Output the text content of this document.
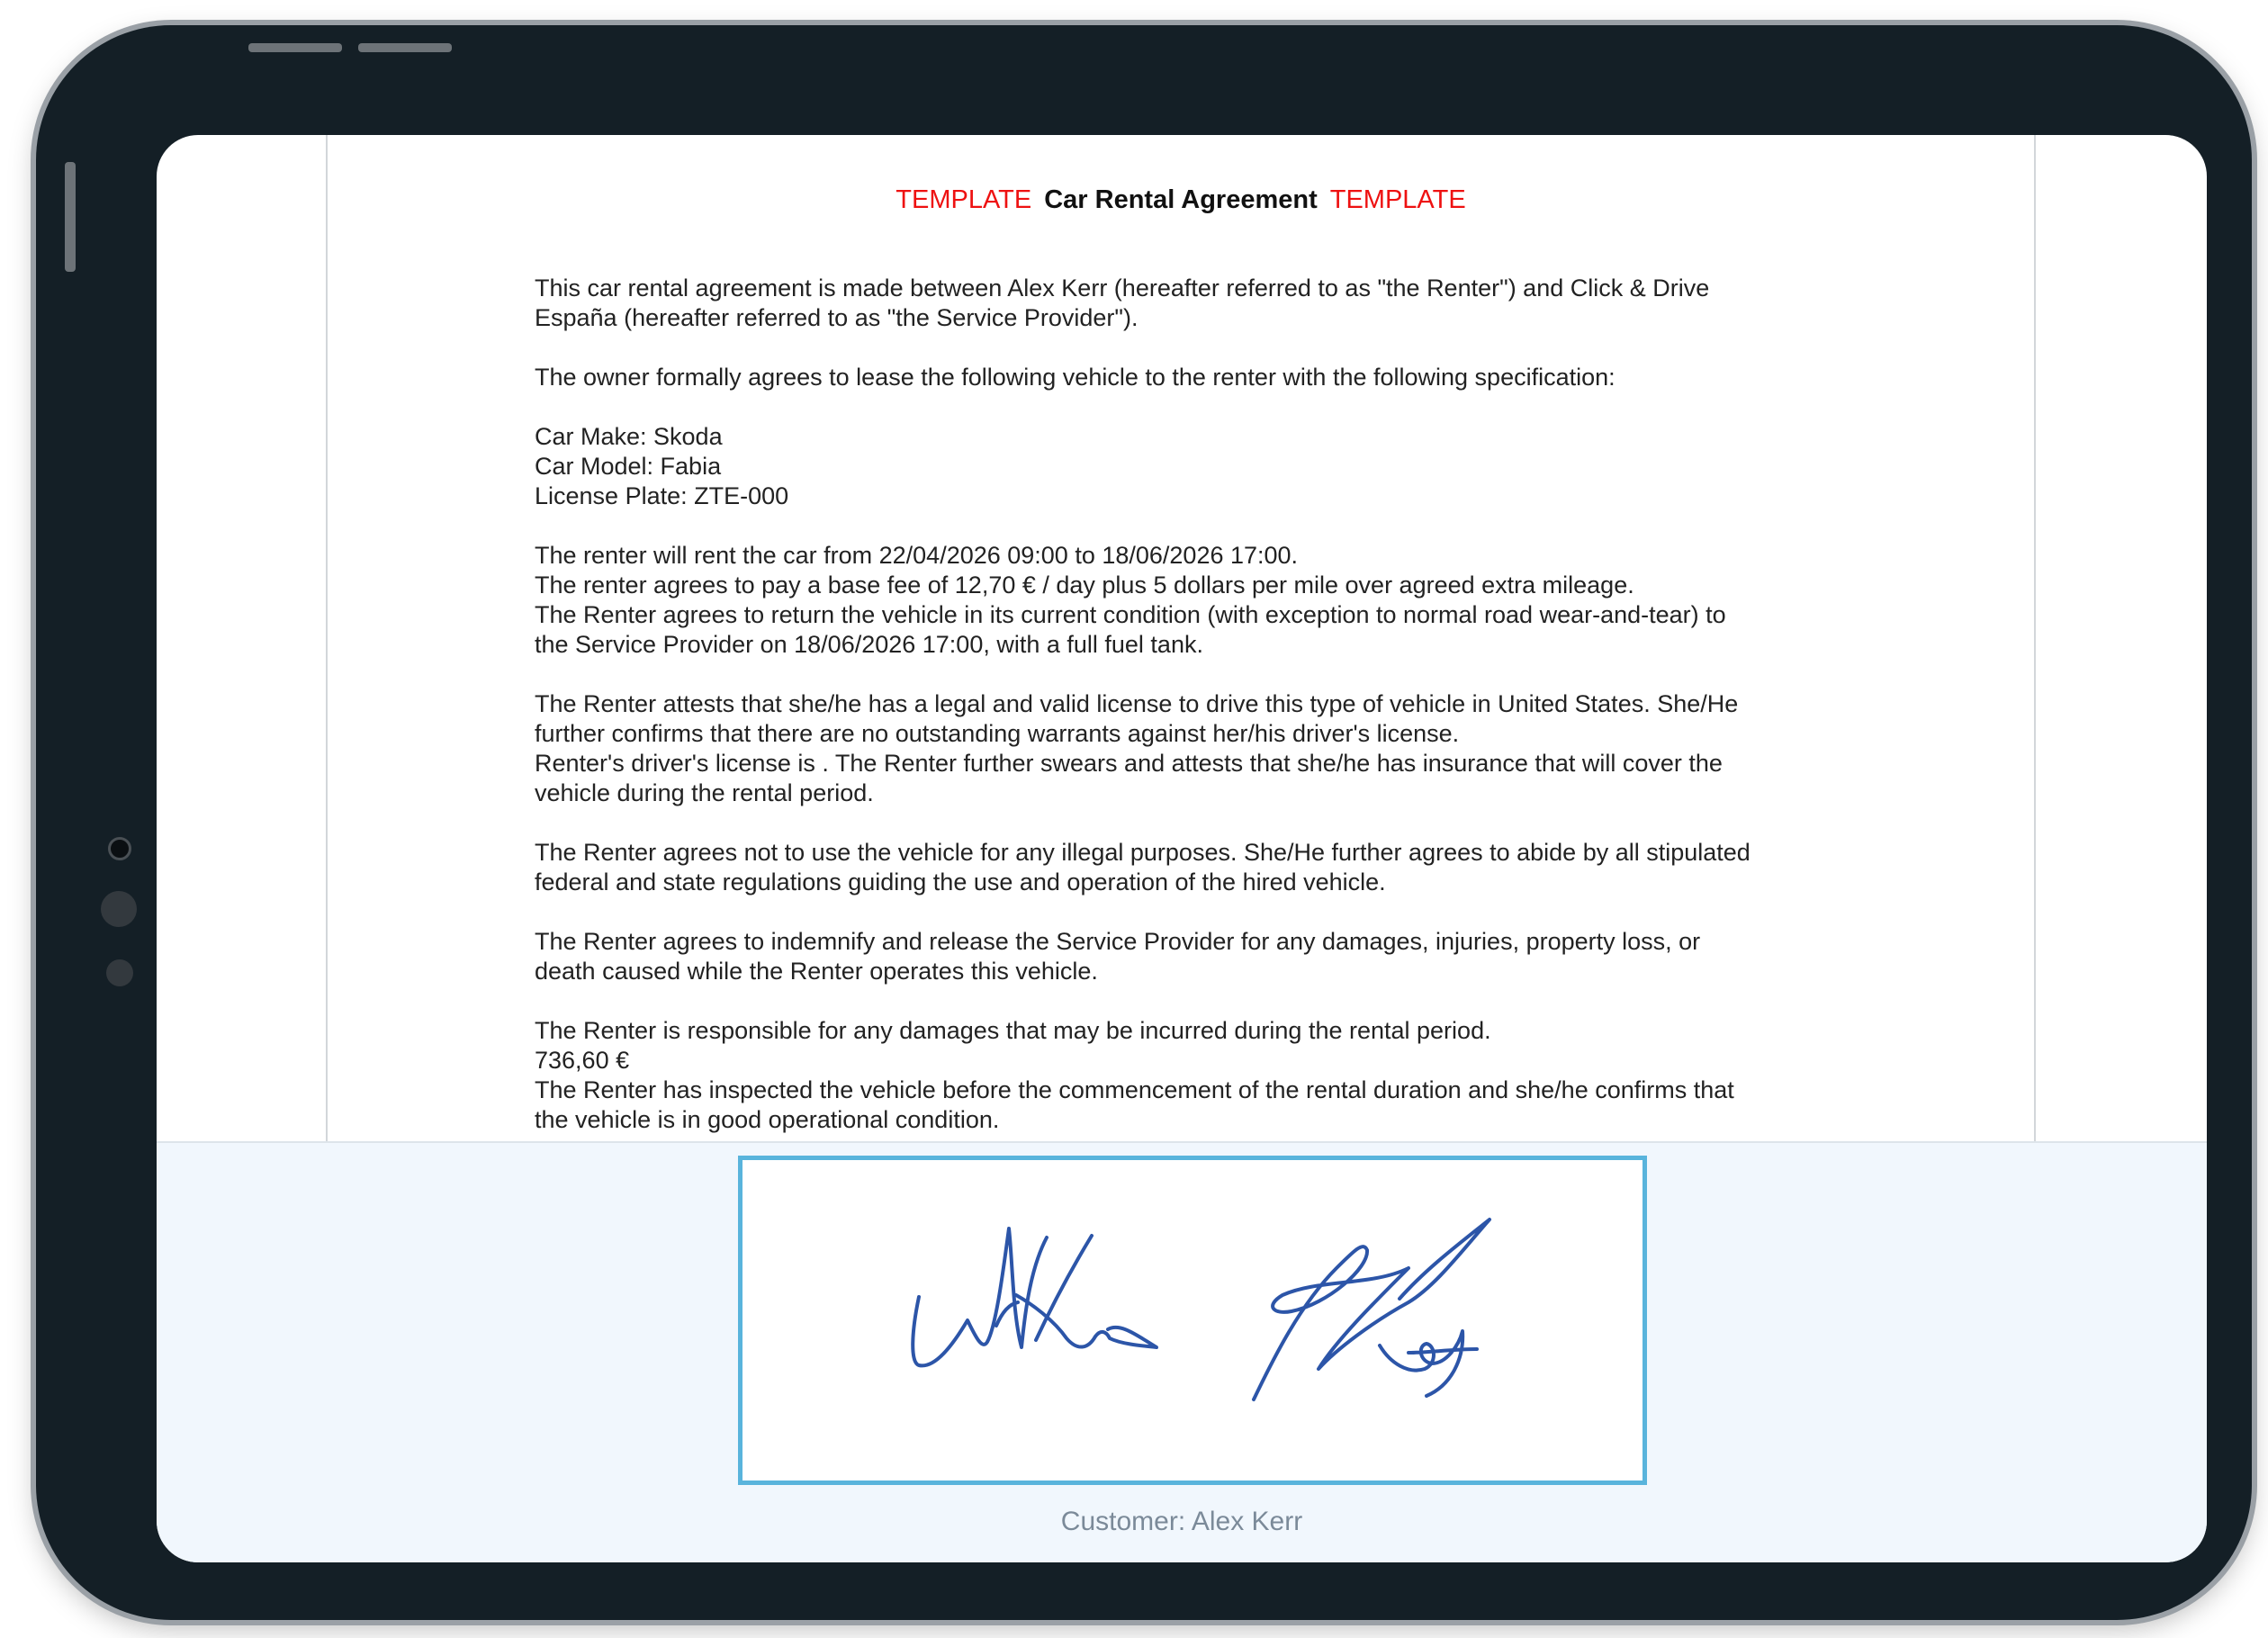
TEMPLATE Car Rental Agreement TEMPLATE

This car rental agreement is made between Alex Kerr (hereafter referred to as "the Renter") and Click & Drive
España (hereafter referred to as "the Service Provider").

The owner formally agrees to lease the following vehicle to the renter with the following specification:

Car Make: Skoda
Car Model: Fabia
License Plate: ZTE-000

The renter will rent the car from 22/04/2026 09:00 to 18/06/2026 17:00.
The renter agrees to pay a base fee of 12,70 € / day plus 5 dollars per mile over agreed extra mileage.
The Renter agrees to return the vehicle in its current condition (with exception to normal road wear-and-tear) to
the Service Provider on 18/06/2026 17:00, with a full fuel tank.

The Renter attests that she/he has a legal and valid license to drive this type of vehicle in United States. She/He
further confirms that there are no outstanding warrants against her/his driver's license.
Renter's driver's license is . The Renter further swears and attests that she/he has insurance that will cover the
vehicle during the rental period.

The Renter agrees not to use the vehicle for any illegal purposes. She/He further agrees to abide by all stipulated
federal and state regulations guiding the use and operation of the hired vehicle.

The Renter agrees to indemnify and release the Service Provider for any damages, injuries, property loss, or
death caused while the Renter operates this vehicle.

The Renter is responsible for any damages that may be incurred during the rental period.
736,60 €
The Renter has inspected the vehicle before the commencement of the rental duration and she/he confirms that
the vehicle is in good operational condition.

Customer: Alex Kerr
